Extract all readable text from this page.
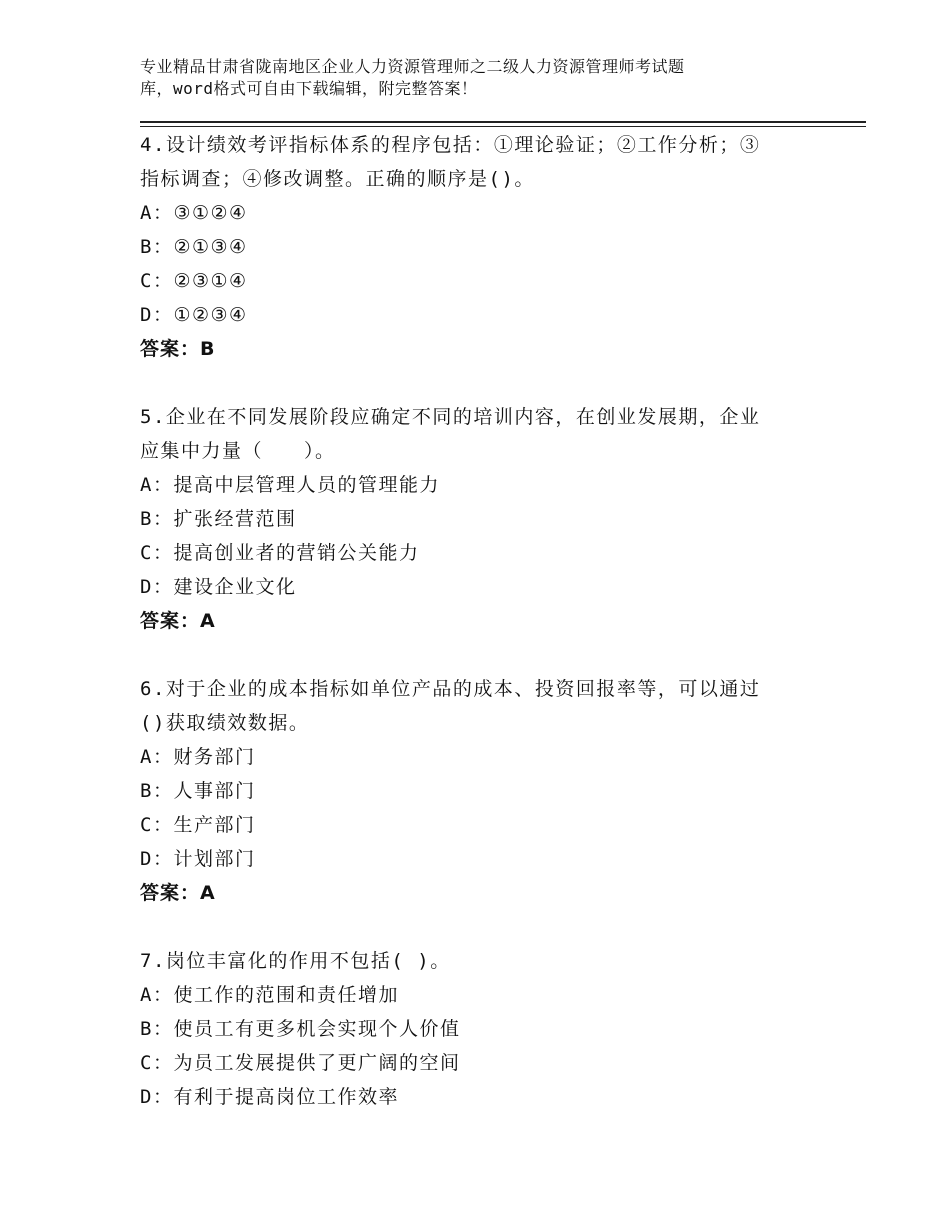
专业精品甘肃省陇南地区企业人力资源管理师之二级人力资源管理师考试题
库，word格式可自由下载编辑，附完整答案！

4.设计绩效考评指标体系的程序包括：①理论验证；②工作分析；③
指标调查；④修改调整。正确的顺序是()。

A：③①②④

B：②①③④

C：②③①④

D：①②③④

答案：B

5.企业在不同发展阶段应确定不同的培训内容，在创业发展期，企业
应集中力量（　　）。

A：提高中层管理人员的管理能力

B：扩张经营范围

C：提高创业者的营销公关能力

D：建设企业文化

答案：A

6.对于企业的成本指标如单位产品的成本、投资回报率等，可以通过
()获取绩效数据。

A：财务部门

B：人事部门

C：生产部门

D：计划部门

答案：A

7.岗位丰富化的作用不包括( )。

A：使工作的范围和责任增加

B：使员工有更多机会实现个人价值

C：为员工发展提供了更广阔的空间

D：有利于提高岗位工作效率
